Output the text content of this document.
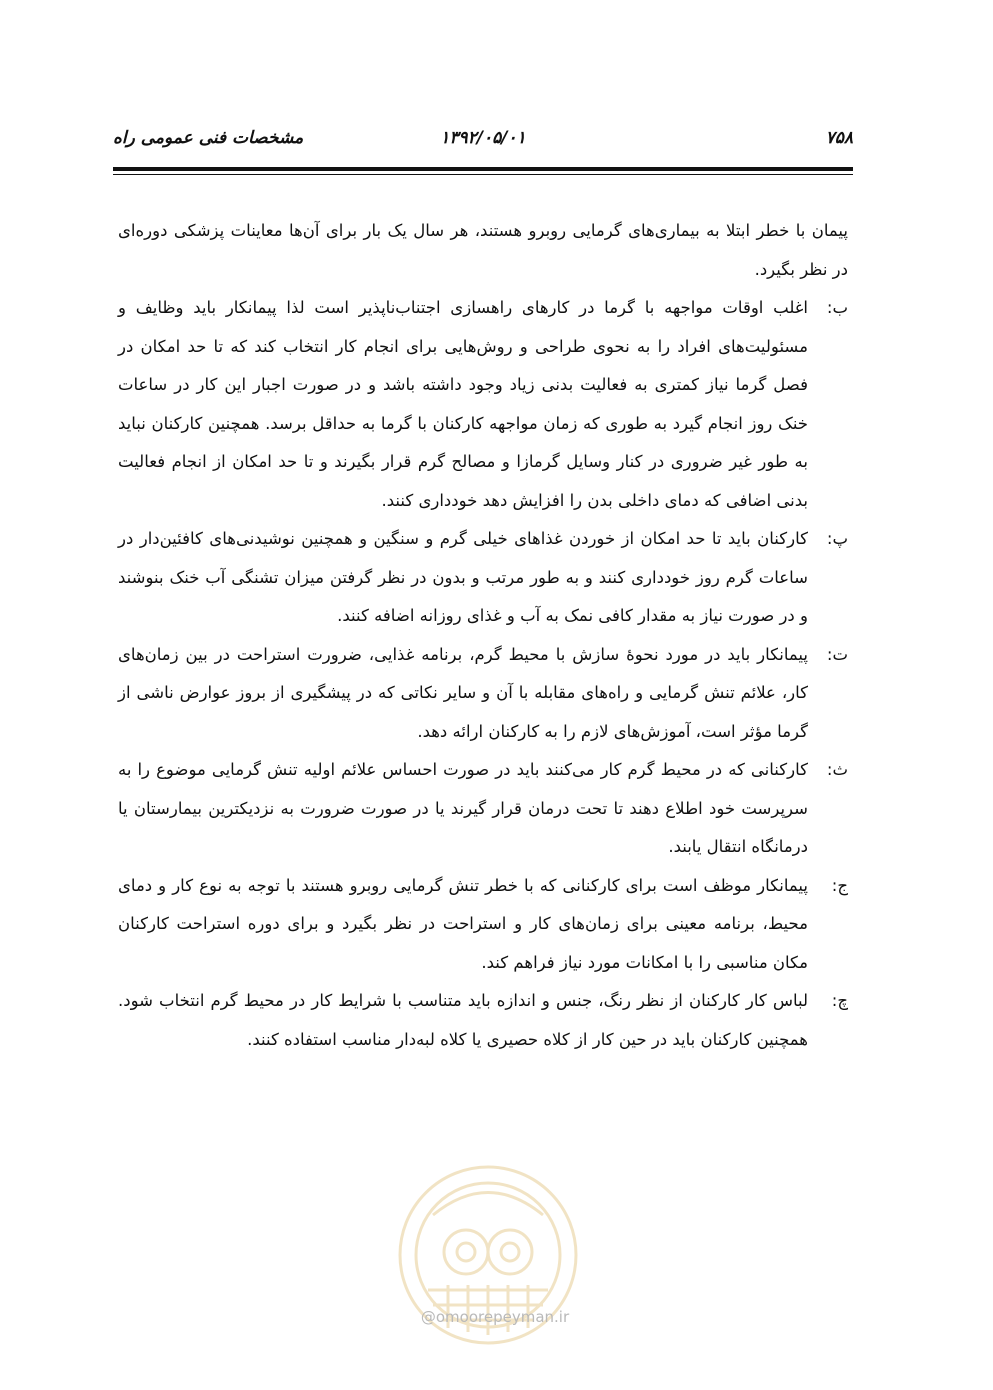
۷۵۸
۱۳۹۲/۰۵/۰۱
مشخصات فنی عمومی راه

پیمان با خطر ابتلا به بیماری‌های گرمایی روبرو هستند، هر سال یک بار برای آن‌ها معاینات پزشکی دوره‌ای در نظر بگیرد.

ب:
اغلب اوقات مواجهه با گرما در کارهای راهسازی اجتناب‌ناپذیر است لذا پیمانکار باید وظایف و مسئولیت‌های افراد را به نحوی طراحی و روش‌هایی برای انجام کار انتخاب کند که تا حد امکان در فصل گرما نیاز کمتری به فعالیت بدنی زیاد وجود داشته باشد و در صورت اجبار این کار در ساعات خنک روز انجام گیرد به طوری که زمان مواجهه کارکنان با گرما به حداقل برسد. همچنین کارکنان نباید به طور غیر ضروری در کنار وسایل گرمازا و مصالح گرم قرار بگیرند و تا حد امکان از انجام فعالیت بدنی اضافی که دمای داخلی بدن را افزایش دهد خودداری کنند.
پ:
کارکنان باید تا حد امکان از خوردن غذاهای خیلی گرم و سنگین و همچنین نوشیدنی‌های کافئین‌دار در ساعات گرم روز خودداری کنند و به طور مرتب و بدون در نظر گرفتن میزان تشنگی آب خنک بنوشند و در صورت نیاز به مقدار کافی نمک به آب و غذای روزانه اضافه کنند.
ت:
پیمانکار باید در مورد نحوۀ سازش با محیط گرم، برنامه غذایی، ضرورت استراحت در بین زمان‌های کار، علائم تنش گرمایی و راه‌های مقابله با آن و سایر نکاتی که در پیشگیری از بروز عوارض ناشی از گرما مؤثر است، آموزش‌های لازم را به کارکنان ارائه دهد.
ث:
کارکنانی که در محیط گرم کار می‌کنند باید در صورت احساس علائم اولیه تنش گرمایی موضوع را به سرپرست خود اطلاع دهند تا تحت درمان قرار گیرند یا در صورت ضرورت به نزدیکترین بیمارستان یا درمانگاه انتقال یابند.
ج:
پیمانکار موظف است برای کارکنانی که با خطر تنش گرمایی روبرو هستند با توجه به نوع کار و دمای محیط، برنامه معینی برای زمان‌های کار و استراحت در نظر بگیرد و برای دوره استراحت کارکنان مکان مناسبی را با امکانات مورد نیاز فراهم کند.
چ:
لباس کار کارکنان از نظر رنگ، جنس و اندازه باید متناسب با شرایط کار در محیط گرم انتخاب شود. همچنین کارکنان باید در حین کار از کلاه حصیری یا کلاه لبه‌دار مناسب استفاده کنند.
@omoorepeyman.ir
